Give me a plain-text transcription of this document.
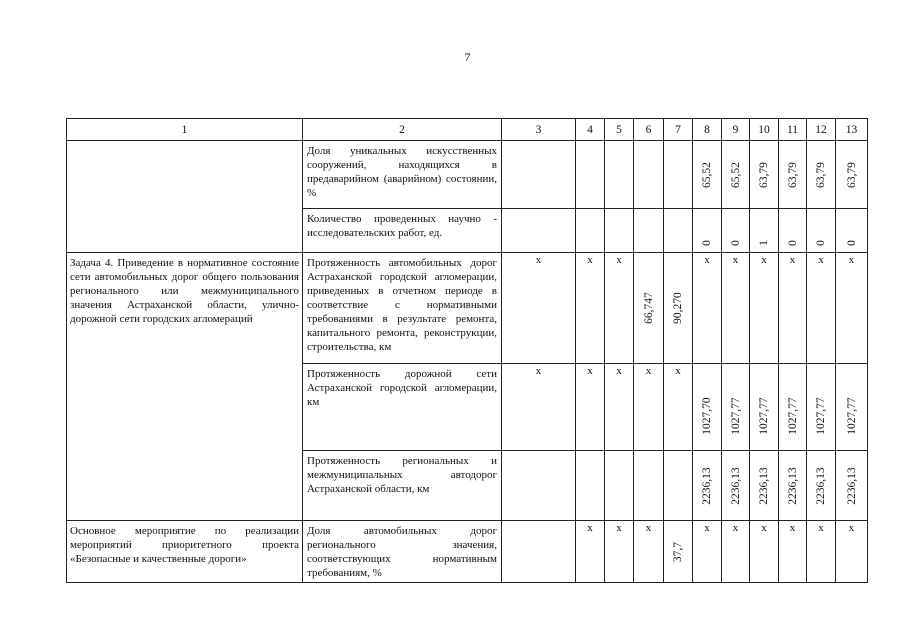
7
1	2	3	4	5	6	7	8	9	10	11	12	13
	Доля уникальных искусственных сооружений, находящихся в предаварийном (аварийном) состоянии, %						65,52	65,52	63,79	63,79	63,79	63,79

	Количество проведенных научно - исследовательских работ, ед.						0	0	1	0	0	0

Задача 4. Приведение в нормативное состояние сети автомобильных дорог общего пользования регионального или межмуниципального значения Астраханской области, улично-дорожной сети городских агломераций	Протяженность автомобильных дорог Астраханской городской агломерации, приведенных в отчетном периоде в соответствие с нормативными требованиями в результате ремонта, капитального ремонта, реконструкции, строительства, км	х	х	х	66,747	90,270	х	х	х	х	х	х
	Протяженность дорожной сети Астраханской городской агломерации, км	х	х	х	х	х	1027,70	1027,77	1027,77	1027,77	1027,77	1027,77

	Протяженность региональных и межмуниципальных автодорог Астраханской области, км						2236,13	2236,13	2236,13	2236,13	2236,13	2236,13

Основное мероприятие по реализации мероприятий приоритетного проекта «Безопасные и качественные дороги»	Доля автомобильных дорог регионального значения, соответствующих нормативным требованиям, %		х	х	х	37,7	х	х	х	х	х	х
